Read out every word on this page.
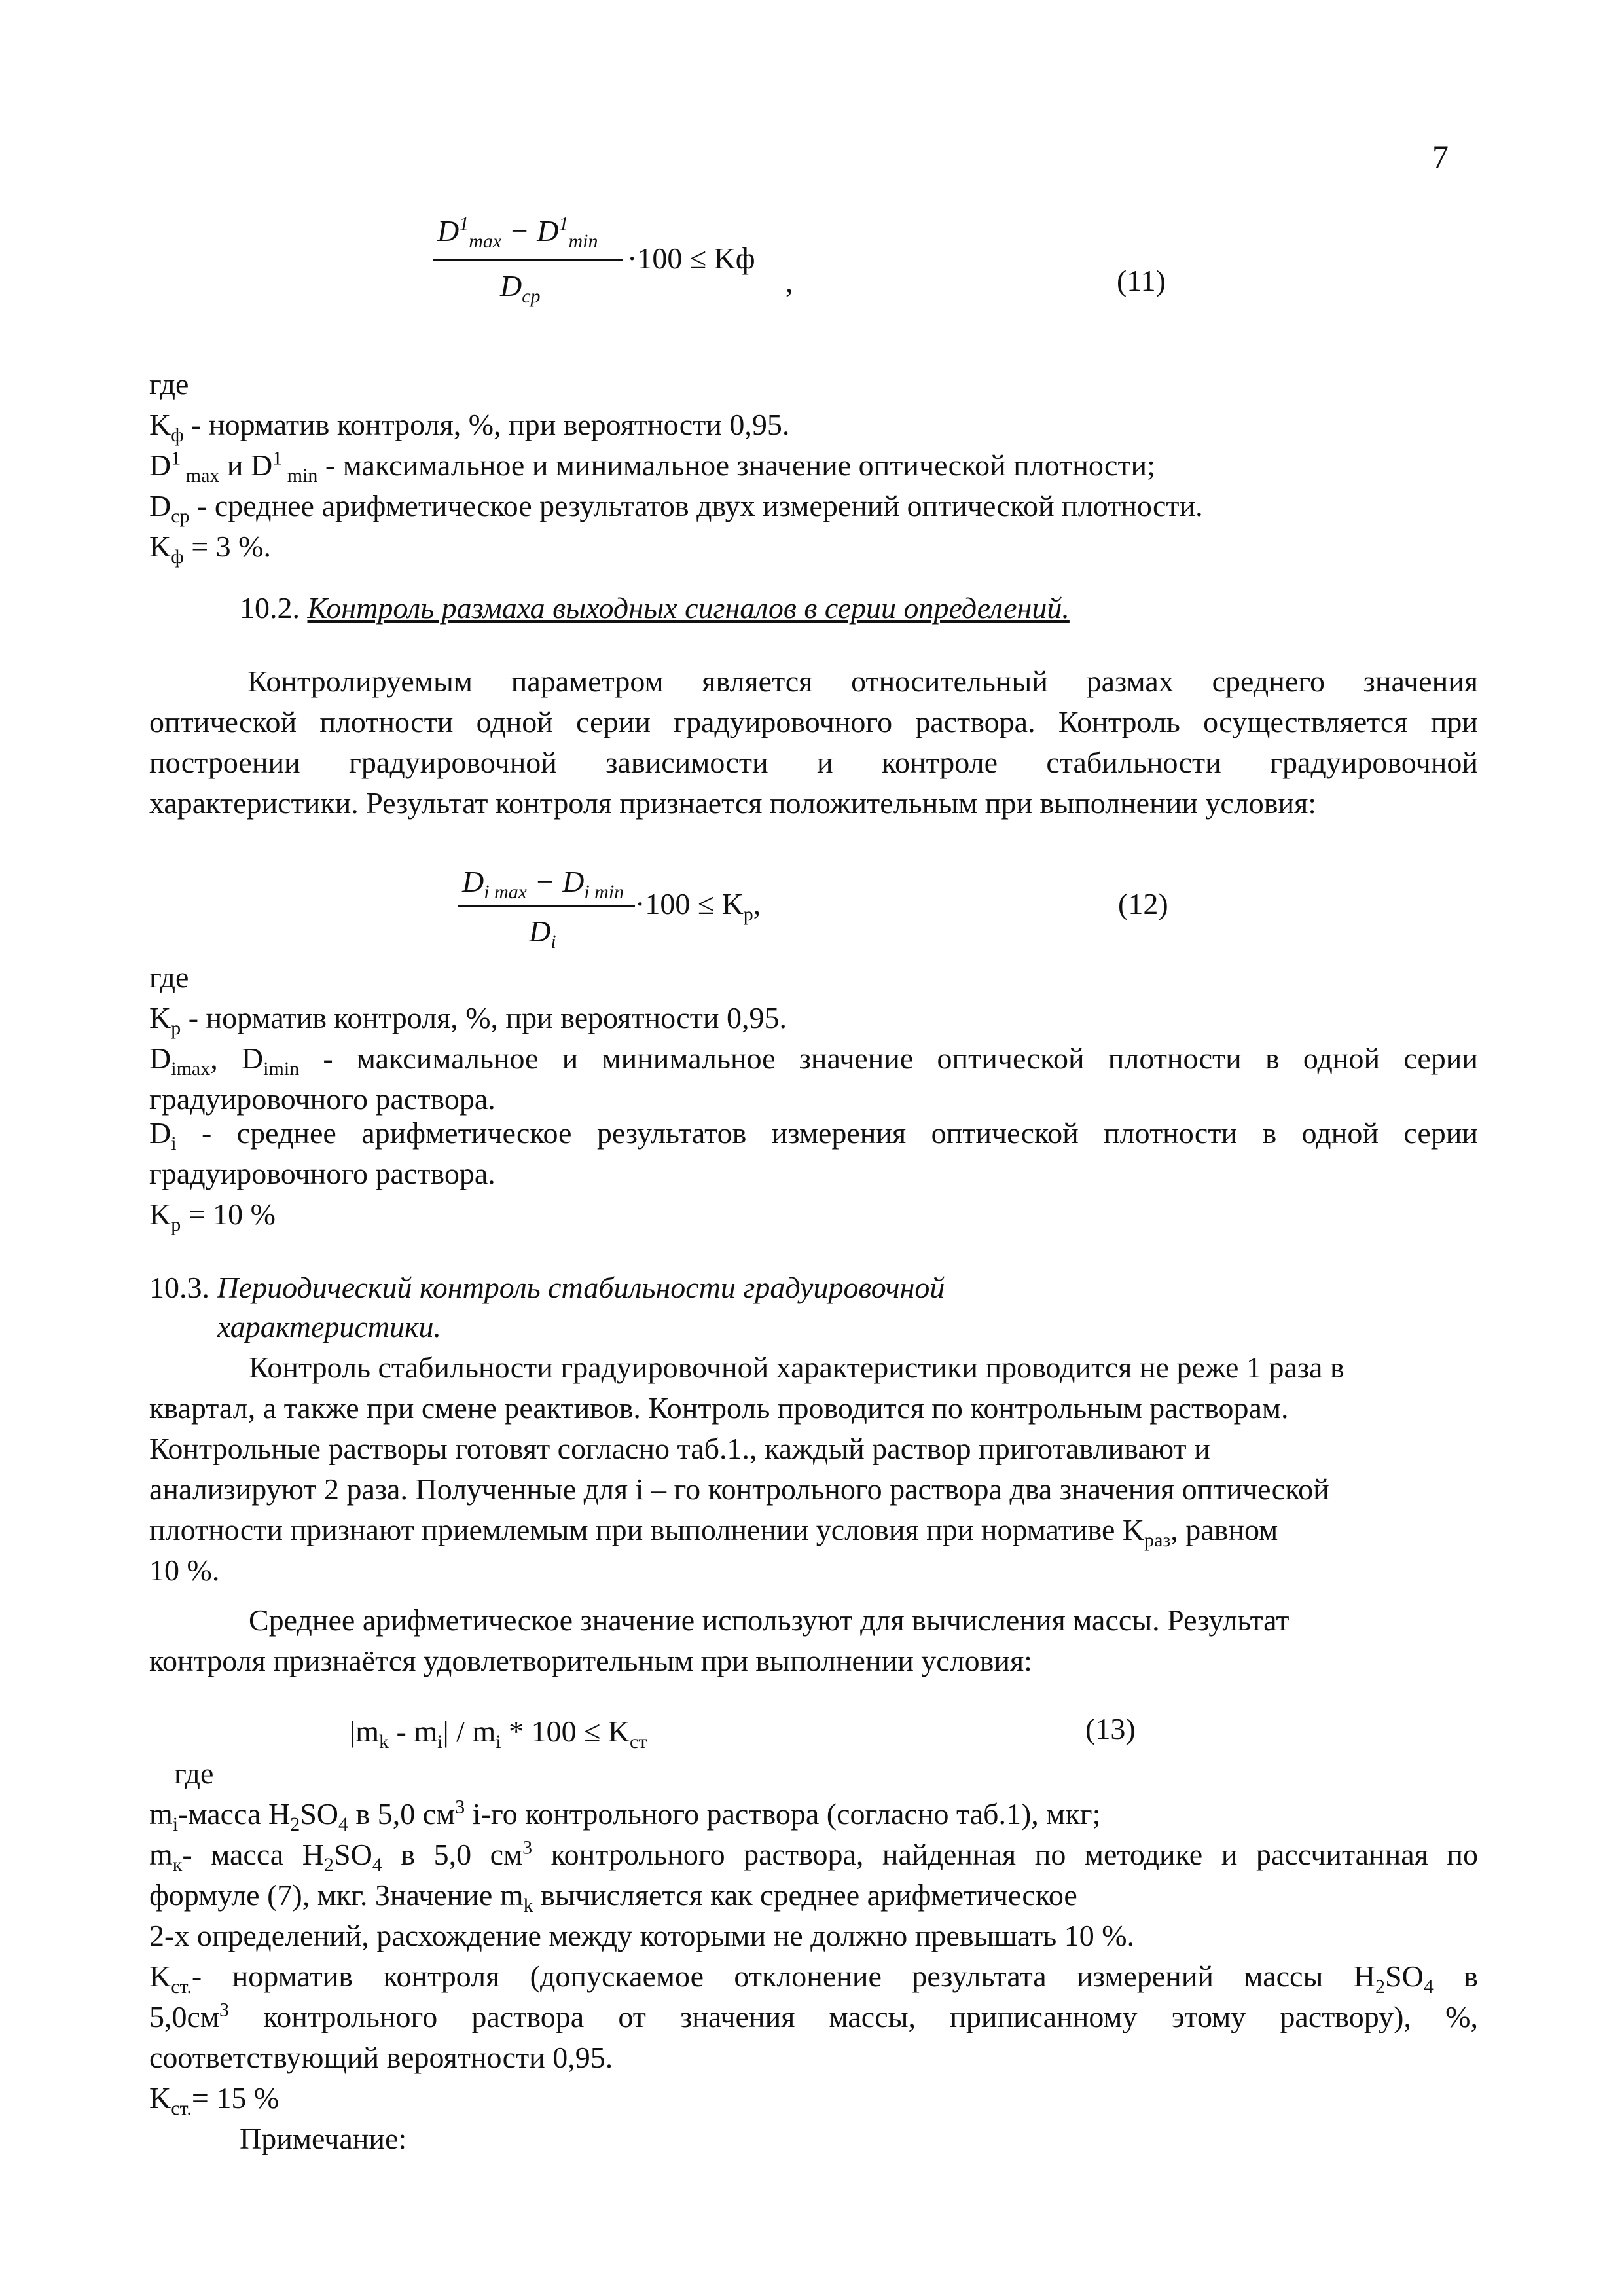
7
$D^1_{max} - D^1_{min}$
$D_{cp}$
·100 ≤ Kф
,	(11)
где
$K_ф$ - норматив контроля, %, при вероятности 0,95.
$D^1$ $_{max}$ и $D^1$ $_{min}$ - максимальное и минимальное значение оптической плотности;
$D_{cp}$ - среднее арифметическое результатов двух измерений оптической плотности.
$K_ф = 3$ %.
10.2. Контроль размаха выходных сигналов в серии определений.
Контролируемым параметром является относительный размах среднего значения
оптической плотности одной серии градуировочного раствора. Контроль осуществляется при
построении градуировочной зависимости и контроле стабильности градуировочной
характеристики. Результат контроля признается положительным при выполнении условия:
$D_{i max} - D_{i min}$
$D_i$
$\cdot 100 \le K_p$,	(12)
где
$K_p$ - норматив контроля, %, при вероятности 0,95.
$D_{imax}$, $D_{imin}$ - максимальное и минимальное значение оптической плотности в одной серии
градуировочного раствора.
$D_i$ - среднее арифметическое результатов измерения оптической плотности в одной серии
градуировочного раствора.
$K_p = 10$ %
10.3. Периодический контроль стабильности градуировочной
характеристики.
Контроль стабильности градуировочной характеристики проводится не реже 1 раза в
квартал, а также при смене реактивов. Контроль проводится по контрольным растворам.
Контрольные растворы готовят согласно таб.1., каждый раствор приготавливают и
анализируют 2 раза. Полученные для i – го контрольного раствора два значения оптической
плотности признают приемлемым при выполнении условия при нормативе $K_{раз}$, равном
10 %.
Среднее арифметическое значение используют для вычисления массы. Результат
контроля признаётся удовлетворительным при выполнении условия:
$|m_k - m_i| / m_i * 100 \le K_{ст}$	(13)
где
$m_i$-масса $H_2SO_4$ в 5,0 $см^3$ i-го контрольного раствора (согласно таб.1), мкг;
$m_к-$ масса $H_2SO_4$ в 5,0 $см^3$ контрольного раствора, найденная по методике и рассчитанная по
формуле (7), мкг. Значение $m_k$ вычисляется как среднее арифметическое
2-х определений, расхождение между которыми не должно превышать 10 %.
$K_{ст.}-$ норматив контроля (допускаемое отклонение результата измерений массы $H_2SO_4$ в
$5,0см^3$ контрольного раствора от значения массы, приписанному этому раствору), %,
соответствующий вероятности 0,95.
$K_{ст.}= 15$ %
Примечание:
